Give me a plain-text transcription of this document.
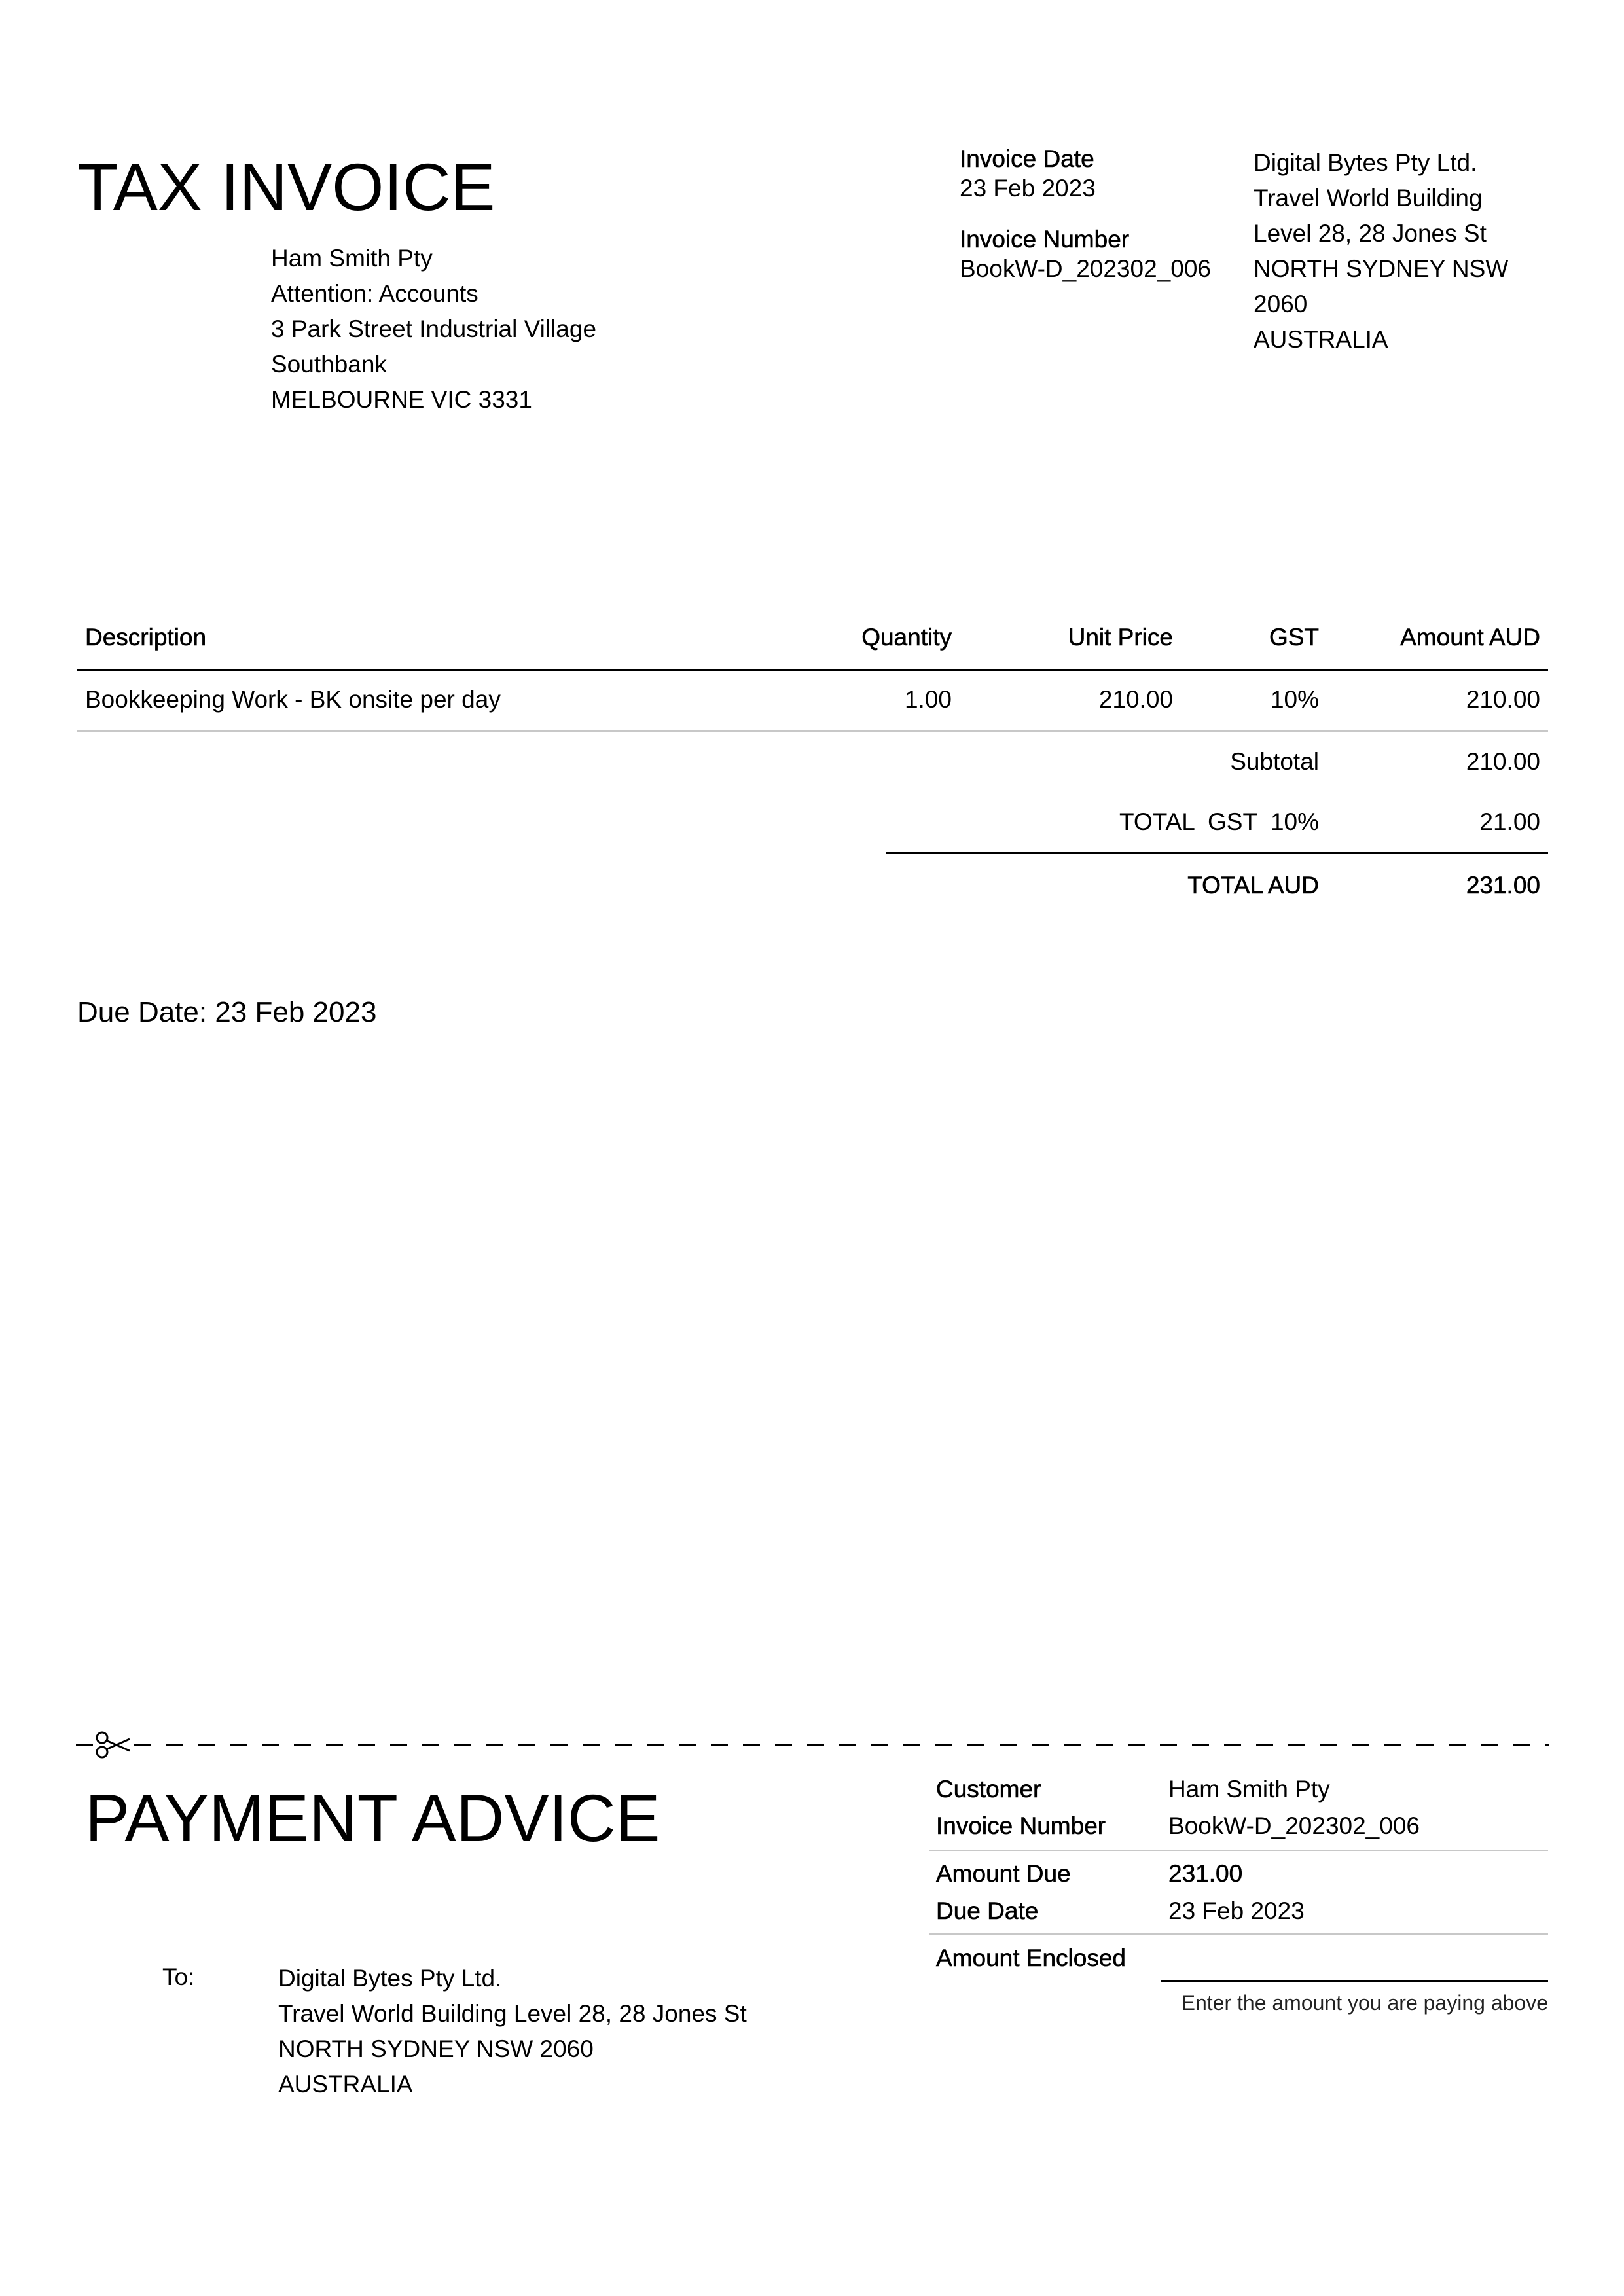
TAX INVOICE
Ham Smith Pty
Attention: Accounts
3 Park Street Industrial Village
Southbank
MELBOURNE VIC 3331
Invoice Date
23 Feb 2023
Invoice Number
BookW-D_202302_006
Digital Bytes Pty Ltd.
Travel World Building
Level 28, 28 Jones St
NORTH SYDNEY NSW
2060
AUSTRALIA
Description	Quantity	Unit Price	GST	Amount AUD
Bookkeeping Work - BK onsite per day	1.00	210.00	10%	210.00
Subtotal	210.00
TOTAL  GST  10%	21.00
TOTAL AUD	231.00
Due Date: 23 Feb 2023
PAYMENT ADVICE
To:	Digital Bytes Pty Ltd.
Travel World Building Level 28, 28 Jones St
NORTH SYDNEY NSW 2060
AUSTRALIA
Customer	Ham Smith Pty
Invoice Number	BookW-D_202302_006
Amount Due	231.00
Due Date	23 Feb 2023
Amount Enclosed
Enter the amount you are paying above
